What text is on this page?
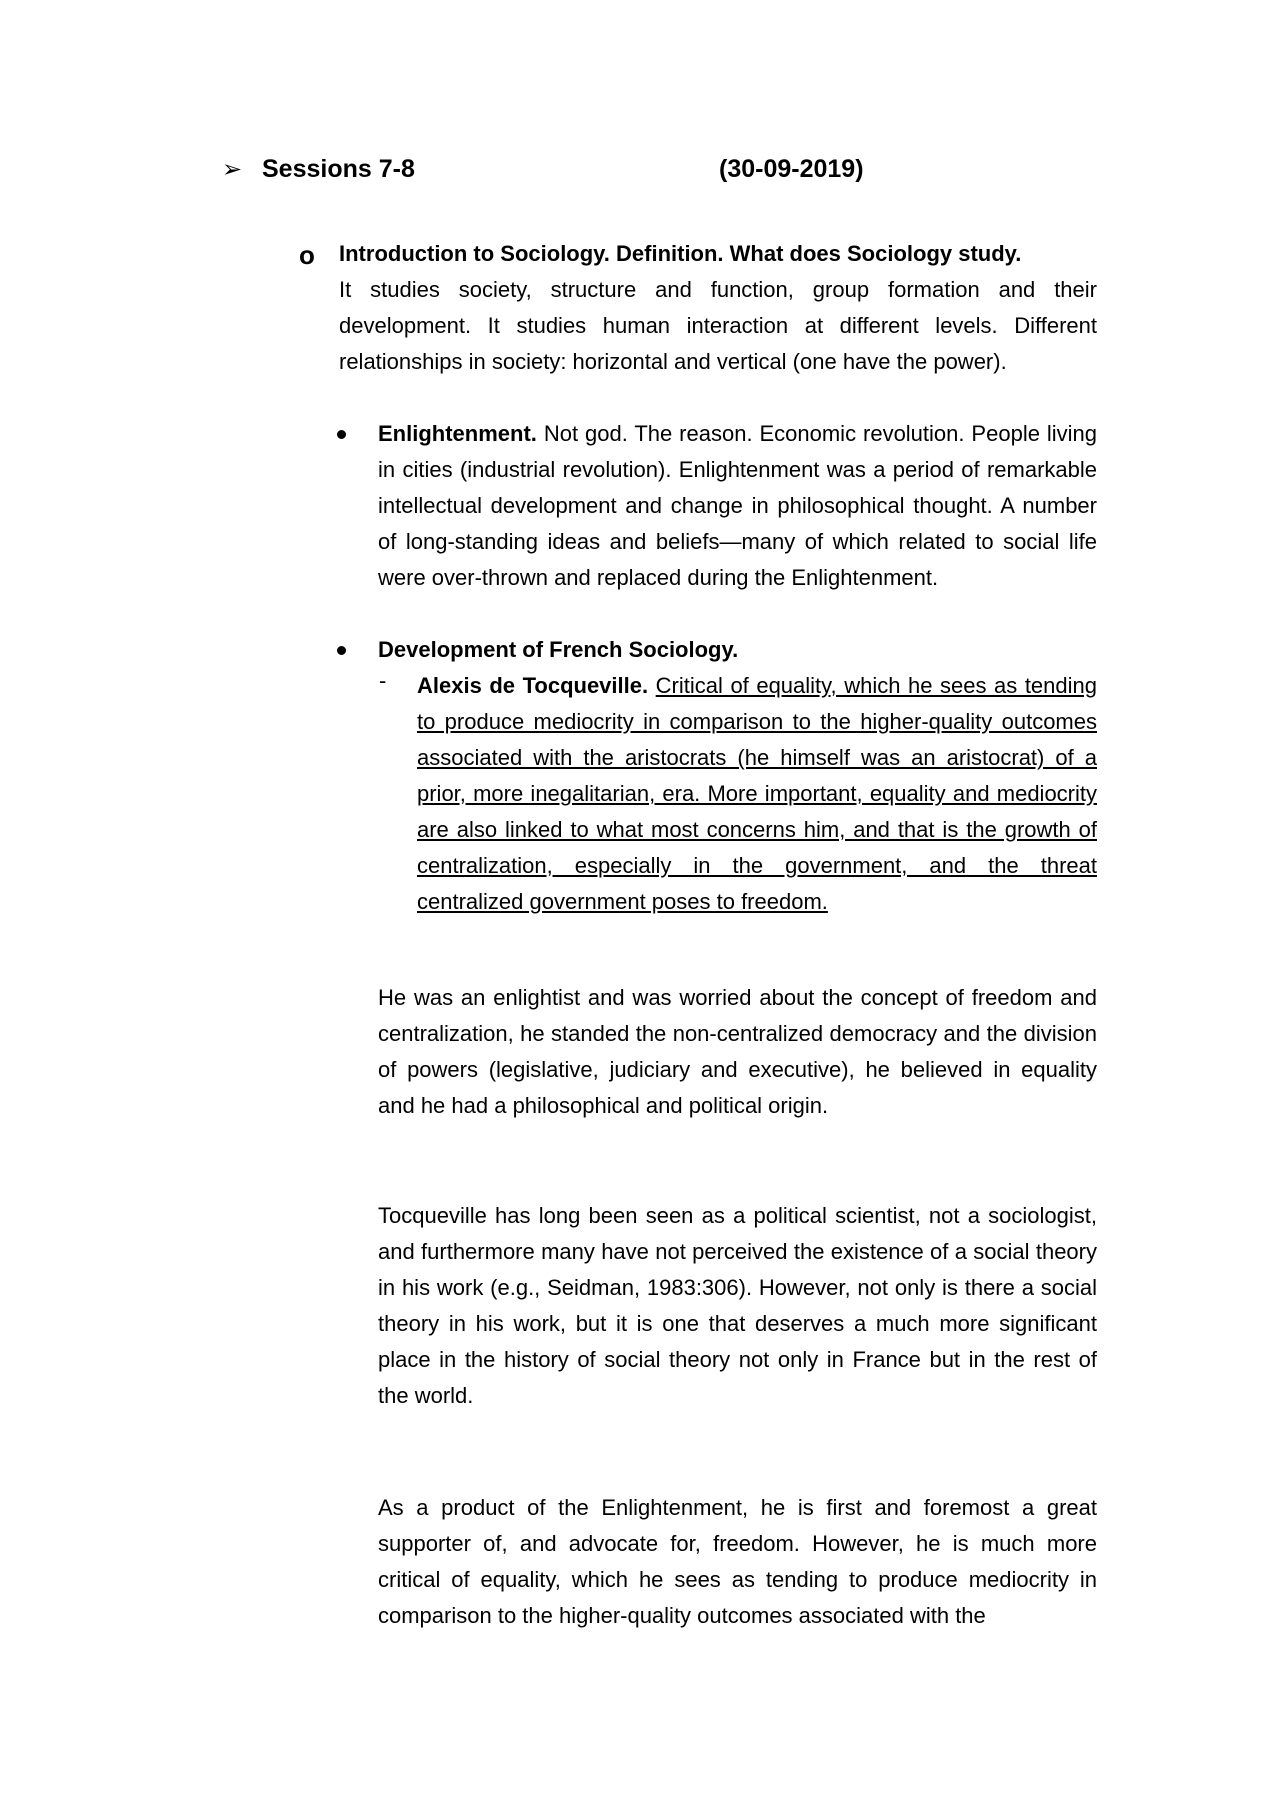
➢ Sessions 7-8	(30-09-2019)
o Introduction to Sociology. Definition. What does Sociology study.
It studies society, structure and function, group formation and their development. It studies human interaction at different levels. Different relationships in society: horizontal and vertical (one have the power).
Enlightenment. Not god. The reason. Economic revolution. People living in cities (industrial revolution). Enlightenment was a period of remarkable intellectual development and change in philosophical thought. A number of long-standing ideas and beliefs—many of which related to social life were over-thrown and replaced during the Enlightenment.
Development of French Sociology.
- Alexis de Tocqueville. Critical of equality, which he sees as tending to produce mediocrity in comparison to the higher-quality outcomes associated with the aristocrats (he himself was an aristocrat) of a prior, more inegalitarian, era. More important, equality and mediocrity are also linked to what most concerns him, and that is the growth of centralization, especially in the government, and the threat centralized government poses to freedom.
He was an enlightist and was worried about the concept of freedom and centralization, he standed the non-centralized democracy and the division of powers (legislative, judiciary and executive), he believed in equality and he had a philosophical and political origin.
Tocqueville has long been seen as a political scientist, not a sociologist, and furthermore many have not perceived the existence of a social theory in his work (e.g., Seidman, 1983:306). However, not only is there a social theory in his work, but it is one that deserves a much more significant place in the history of social theory not only in France but in the rest of the world.
As a product of the Enlightenment, he is first and foremost a great supporter of, and advocate for, freedom. However, he is much more critical of equality, which he sees as tending to produce mediocrity in comparison to the higher-quality outcomes associated with the
